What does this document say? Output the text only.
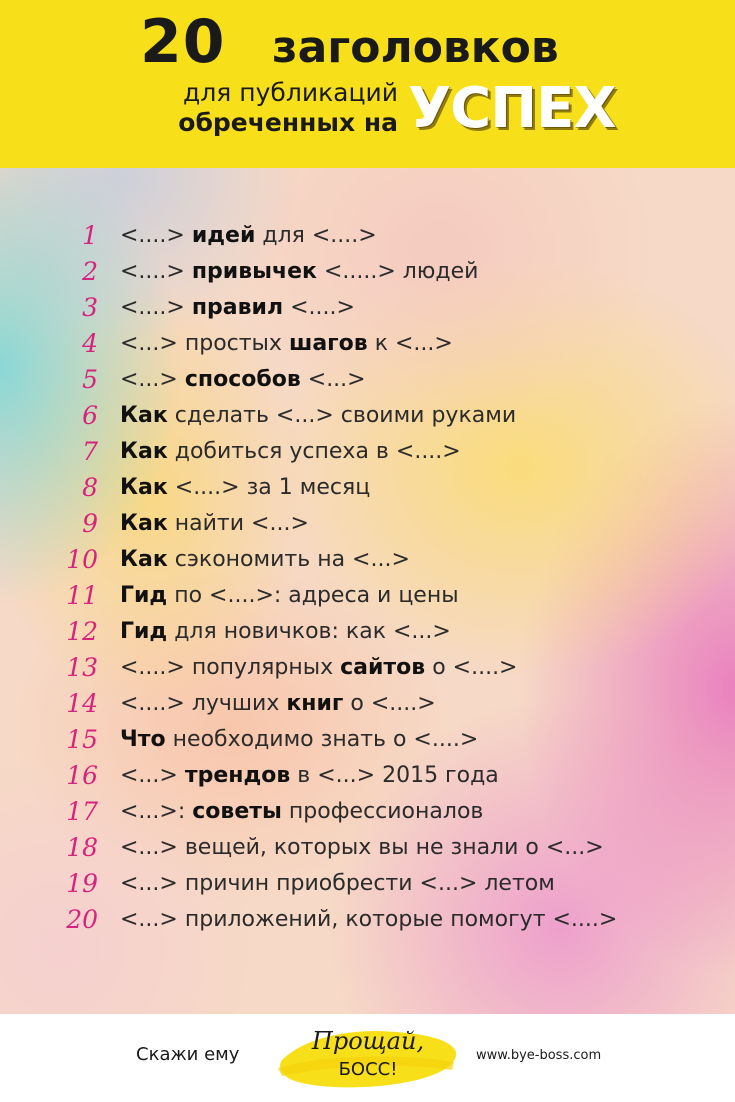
20 заголовков
для публикаций
обреченных на УСПЕХ
1 <....> идей для <....>
2 <....> привычек <.....> людей
3 <....> правил <....>
4 <...> простых шагов к <...>
5 <...> способов <...>
6 Как сделать <...> своими руками
7 Как добиться успеха в <....>
8 Как <....> за 1 месяц
9 Как найти <...>
10 Как сэкономить на <...>
11 Гид по <....>: адреса и цены
12 Гид для новичков: как <...>
13 <....> популярных сайтов о <....>
14 <....> лучших книг о <....>
15 Что необходимо знать о <....>
16 <...> трендов в <...> 2015 года
17 <...>: советы профессионалов
18 <...> вещей, которых вы не знали о <...>
19 <...> причин приобрести <...> летом
20 <...> приложений, которые помогут <....>
Скажи ему	Прощай,
БОСС!
www.bye-boss.com
